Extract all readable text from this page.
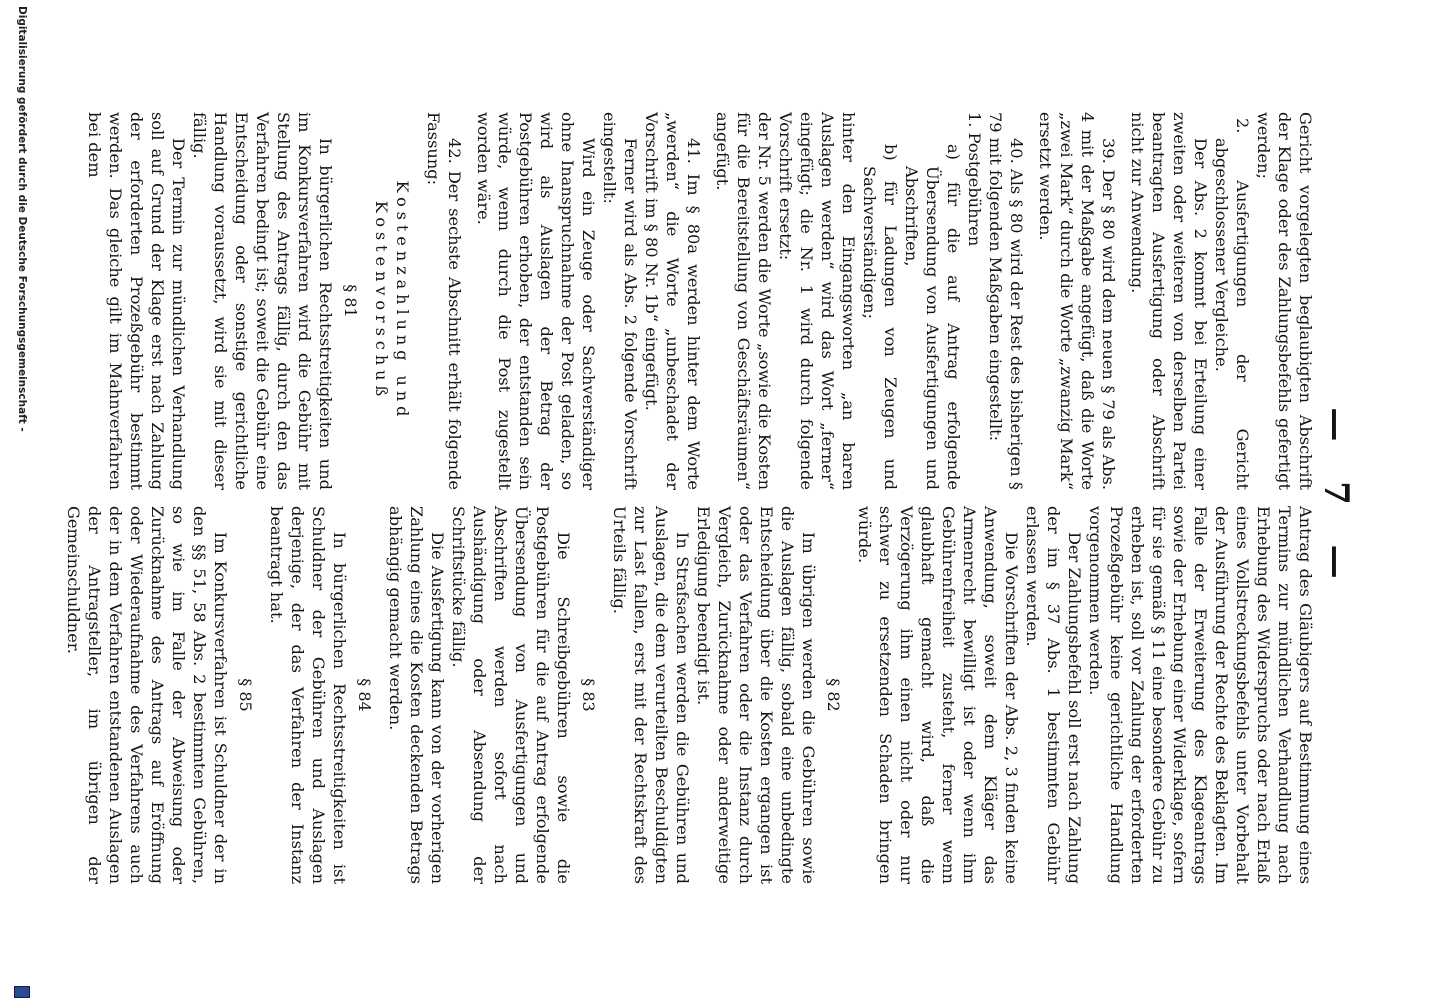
— 7 —

Gericht vorgelegten beglaubigten Abschrift der Klage oder des Zahlungsbefehls gefertigt werden;

2. Ausfertigungen der Gericht abgeschlossener Vergleiche.

Der Abs. 2 kommt bei Erteilung einer zweiten oder weiteren von derselben Partei beantragten Ausfertigung oder Abschrift nicht zur Anwendung.

39. Der § 80 wird dem neuen § 79 als Abs. 4 mit der Maßgabe angefügt, daß die Worte „zwei Mark“ durch die Worte „zwanzig Mark“ ersetzt werden.

40. Als § 80 wird der Rest des bisherigen § 79 mit folgenden Maßgaben eingestellt:

1. Postgebühren

a) für die auf Antrag erfolgende Übersendung von Ausfertigungen und Abschriften,

b) für Ladungen von Zeugen und Sachverständigen;

hinter den Eingangsworten „an baren Auslagen werden“ wird das Wort „ferner“ eingefügt; die Nr. 1 wird durch folgende Vorschrift ersetzt:

der Nr. 5 werden die Worte „sowie die Kosten für die Bereitstellung von Geschäftsräumen“ angefügt.

41. Im § 80a werden hinter dem Worte „werden“ die Worte „unbeschadet der Vorschrift im § 80 Nr. 1b“ eingefügt.

Ferner wird als Abs. 2 folgende Vorschrift eingestellt:

Wird ein Zeuge oder Sachverständiger ohne Inanspruchnahme der Post geladen, so wird als Auslagen der Betrag der Postgebühren erhoben, der entstanden sein würde, wenn durch die Post zugestellt worden wäre.

42. Der sechste Abschnitt erhält folgende Fassung:

Kostenzahlung und Kostenvorschuß
§ 81

In bürgerlichen Rechtsstreitigkeiten und im Konkursverfahren wird die Gebühr mit Stellung des Antrags fällig, durch den das Verfahren bedingt ist; soweit die Gebühr eine Entscheidung oder sonstige gerichtliche Handlung voraussetzt, wird sie mit dieser fällig.

Der Termin zur mündlichen Verhandlung soll auf Grund der Klage erst nach Zahlung der erforderten Prozeßgebühr bestimmt werden. Das gleiche gilt im Mahnverfahren bei dem

Antrag des Gläubigers auf Bestimmung eines Termins zur mündlichen Verhandlung nach Erhebung des Widerspruchs oder nach Erlaß eines Vollstreckungsbefehls unter Vorbehalt der Ausführung der Rechte des Beklagten. Im Falle der Erweiterung des Klageantrags sowie der Erhebung einer Widerklage, sofern für sie gemäß § 11 eine besondere Gebühr zu erheben ist, soll vor Zahlung der erforderten Prozeßgebühr keine gerichtliche Handlung vorgenommen werden.

Der Zahlungsbefehl soll erst nach Zahlung der im § 37 Abs. 1 bestimmten Gebühr erlassen werden.

Die Vorschriften der Abs. 2, 3 finden keine Anwendung, soweit dem Kläger das Armenrecht bewilligt ist oder wenn ihm Gebührenfreiheit zusteht, ferner wenn glaubhaft gemacht wird, daß die Verzögerung ihm einen nicht oder nur schwer zu ersetzenden Schaden bringen würde.

§ 82

Im übrigen werden die Gebühren sowie die Auslagen fällig, sobald eine unbedingte Entscheidung über die Kosten ergangen ist oder das Verfahren oder die Instanz durch Vergleich, Zurücknahme oder anderweitige Erledigung beendigt ist.

In Strafsachen werden die Gebühren und Auslagen, die dem verurteilten Beschuldigten zur Last fallen, erst mit der Rechtskraft des Urteils fällig.

§ 83

Die Schreibgebühren sowie die Postgebühren für die auf Antrag erfolgende Übersendung von Ausfertigungen und Abschriften werden sofort nach Aushändigung oder Absendung der Schriftstücke fällig.

Die Ausfertigung kann von der vorherigen Zahlung eines die Kosten deckenden Betrags abhängig gemacht werden.

§ 84

In bürgerlichen Rechtsstreitigkeiten ist Schuldner der Gebühren und Auslagen derjenige, der das Verfahren der Instanz beantragt hat.

§ 85

Im Konkursverfahren ist Schuldner der in den §§ 51, 58 Abs. 2 bestimmten Gebühren, so wie im Falle der Abweisung oder Zurücknahme des Antrags auf Eröffnung oder Wiederaufnahme des Verfahrens auch der in dem Verfahren entstandenen Auslagen der Antragsteller, im übrigen der Gemeinschuldner.

Digitalisierung gefördert durch die Deutsche Forschungsgemeinschaft -
